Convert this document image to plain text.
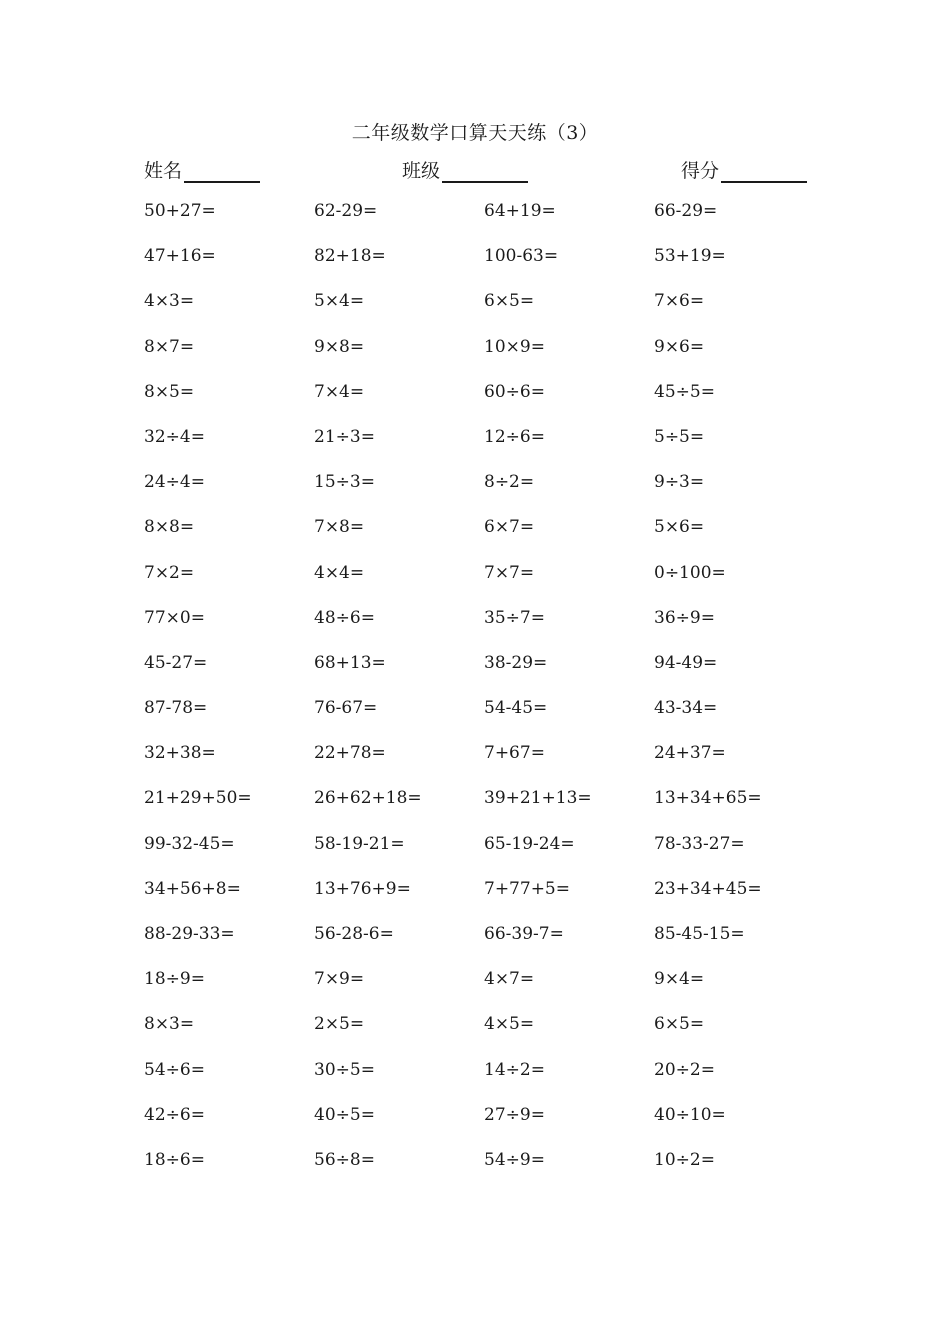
二年级数学口算天天练（3）
姓名	班级	得分
50+27=	62-29=	64+19=	66-29=
47+16=	82+18=	100-63=	53+19=
4×3=	5×4=	6×5=	7×6=
8×7=	9×8=	10×9=	9×6=
8×5=	7×4=	60÷6=	45÷5=
32÷4=	21÷3=	12÷6=	5÷5=
24÷4=	15÷3=	8÷2=	9÷3=
8×8=	7×8=	6×7=	5×6=
7×2=	4×4=	7×7=	0÷100=
77×0=	48÷6=	35÷7=	36÷9=
45-27=	68+13=	38-29=	94-49=
87-78=	76-67=	54-45=	43-34=
32+38=	22+78=	7+67=	24+37=
21+29+50=	26+62+18=	39+21+13=	13+34+65=
99-32-45=	58-19-21=	65-19-24=	78-33-27=
34+56+8=	13+76+9=	7+77+5=	23+34+45=
88-29-33=	56-28-6=	66-39-7=	85-45-15=
18÷9=	7×9=	4×7=	9×4=
8×3=	2×5=	4×5=	6×5=
54÷6=	30÷5=	14÷2=	20÷2=
42÷6=	40÷5=	27÷9=	40÷10=
18÷6=	56÷8=	54÷9=	10÷2=
